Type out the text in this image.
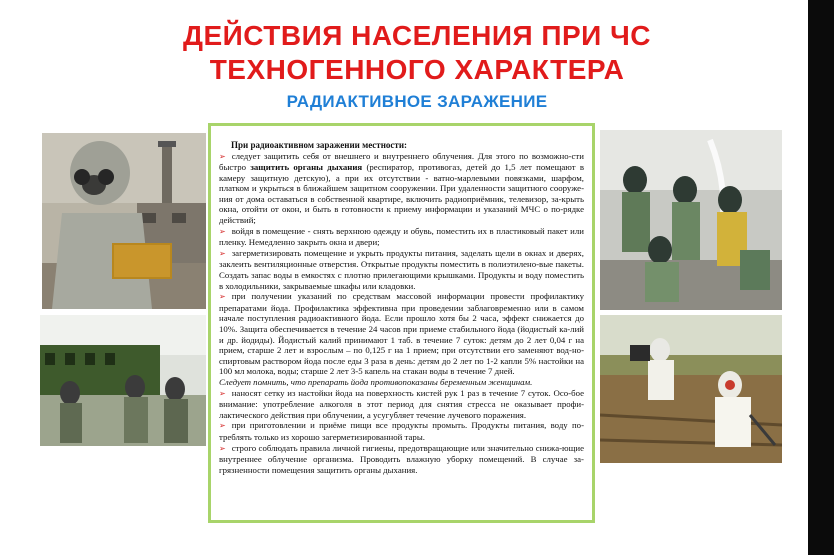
ДЕЙСТВИЯ НАСЕЛЕНИЯ ПРИ ЧС
ТЕХНОГЕННОГО ХАРАКТЕРА
РАДИАКТИВНОЕ ЗАРАЖЕНИЕ

При радиоактивном заражении местности:

➢ следует защитить себя от внешнего и внутреннего облучения. Для этого по возможно-сти быстро защитить органы дыхания (респиратор, противогаз, детей до 1,5 лет помещают в камеру защитную детскую), а при их отсутствии - ватно-марлевыми повязками, шарфом, платком и укрыться в ближайшем защитном сооружении. При удаленности защитного сооруже-ния от дома оставаться в собственной квартире, включить радиоприёмник, телевизор, за-крыть окна, отойти от окон, и быть в готовности к приему информации и указаний МЧС о по-рядке действий;

➢ войдя в помещение - снять верхнюю одежду и обувь, поместить их в пластиковый пакет или пленку. Немедленно закрыть окна и двери;

➢ загерметизировать помещение и укрыть продукты питания, заделать щели в окнах и дверях, заклеить вентиляционные отверстия. Открытые продукты поместить в полиэтилено-вые пакеты. Создать запас воды в емкостях с плотно прилегающими крышками. Продукты и воду поместить в холодильники, закрываемые шкафы или кладовки.

➢ при получении указаний по средствам массовой информации провести профилактику препаратами йода. Профилактика эффективна при проведении заблаговременно или в самом начале поступления радиоактивного йода. Если прошло хотя бы 2 часа, эффект снижается до 10%. Защита обеспечивается в течение 24 часов при приеме стабильного йода (йодистый ка-лий и др. йодиды). Йодистый калий принимают 1 таб. в течение 7 суток: детям до 2 лет 0,04 г на прием, старше 2 лет и взрослым – по 0,125 г на 1 прием; при отсутствии его заменяют вод-но-спиртовым раствором йода после еды 3 раза в день: детям до 2 лет по 1-2 капли 5% настойки на 100 мл молока, воды; старше 2 лет 3-5 капель на стакан воды в течение 7 дней.

Следует помнить, что препарать йода противопоказаны беременным женщинам.

➢ наносят сетку из настойки йода на поверхность кистей рук 1 раз в течение 7 суток. Осо-бое внимание: употребление алкоголя в этот период для снятия стресса не оказывает профи-лактического действия при облучении, а усугубляет течение лучевого поражения.

➢ при приготовлении и приёме пищи все продукты промыть. Продукты питания, воду по-треблять только из хорошо загерметизированной тары.

➢ строго соблюдать правила личной гигиены, предотвращающие или значительно снижа-ющие внутреннее облучение организма. Проводить влажную уборку помещений. В случае за-грязненности помещения защитить органы дыхания.
